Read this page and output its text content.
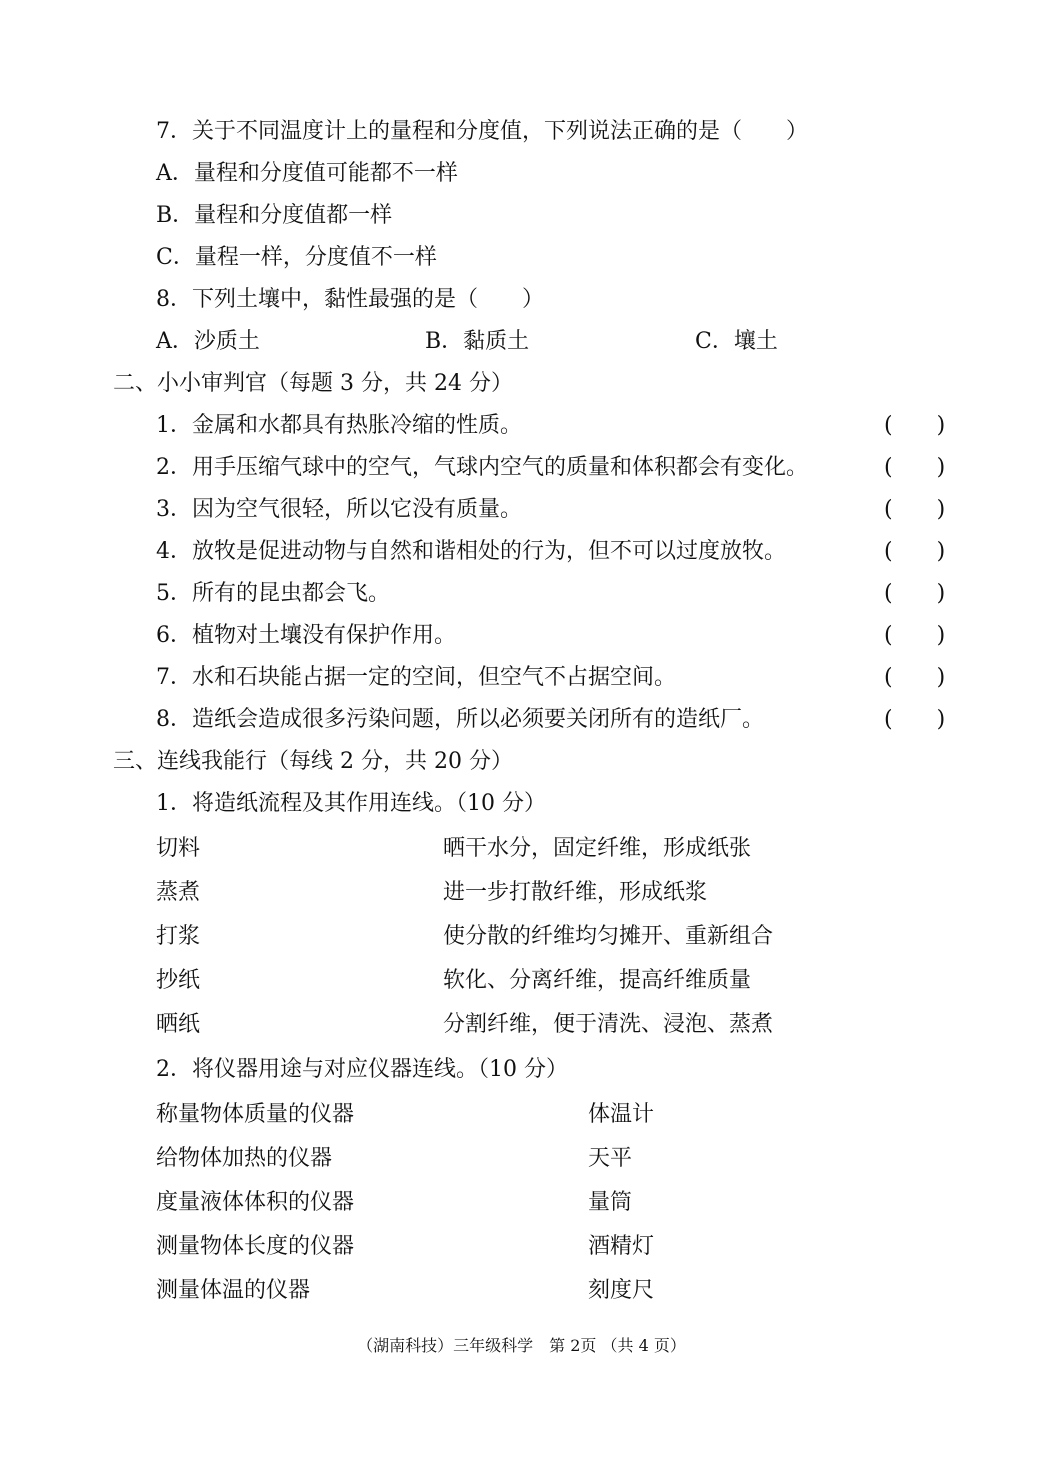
7．关于不同温度计上的量程和分度值，下列说法正确的是（　　）
A．量程和分度值可能都不一样
B．量程和分度值都一样
C．量程一样，分度值不一样
8．下列土壤中，黏性最强的是（　　）
A．沙质土	B．黏质土	C．壤土
二、小小审判官（每题 3 分，共 24 分）
1．金属和水都具有热胀冷缩的性质。	(　　)
2．用手压缩气球中的空气，气球内空气的质量和体积都会有变化。	(　　)
3．因为空气很轻，所以它没有质量。	(　　)
4．放牧是促进动物与自然和谐相处的行为，但不可以过度放牧。	(　　)
5．所有的昆虫都会飞。	(　　)
6．植物对土壤没有保护作用。	(　　)
7．水和石块能占据一定的空间，但空气不占据空间。	(　　)
8．造纸会造成很多污染问题，所以必须要关闭所有的造纸厂。	(　　)
三、连线我能行（每线 2 分，共 20 分）
1．将造纸流程及其作用连线。（10 分）
切料	晒干水分，固定纤维，形成纸张
蒸煮	进一步打散纤维，形成纸浆
打浆	使分散的纤维均匀摊开、重新组合
抄纸	软化、分离纤维，提高纤维质量
晒纸	分割纤维，便于清洗、浸泡、蒸煮
2．将仪器用途与对应仪器连线。（10 分）
称量物体质量的仪器	体温计
给物体加热的仪器	天平
度量液体体积的仪器	量筒
测量物体长度的仪器	酒精灯
测量体温的仪器	刻度尺
（湖南科技）三年级科学　第 2页 （共 4 页）
